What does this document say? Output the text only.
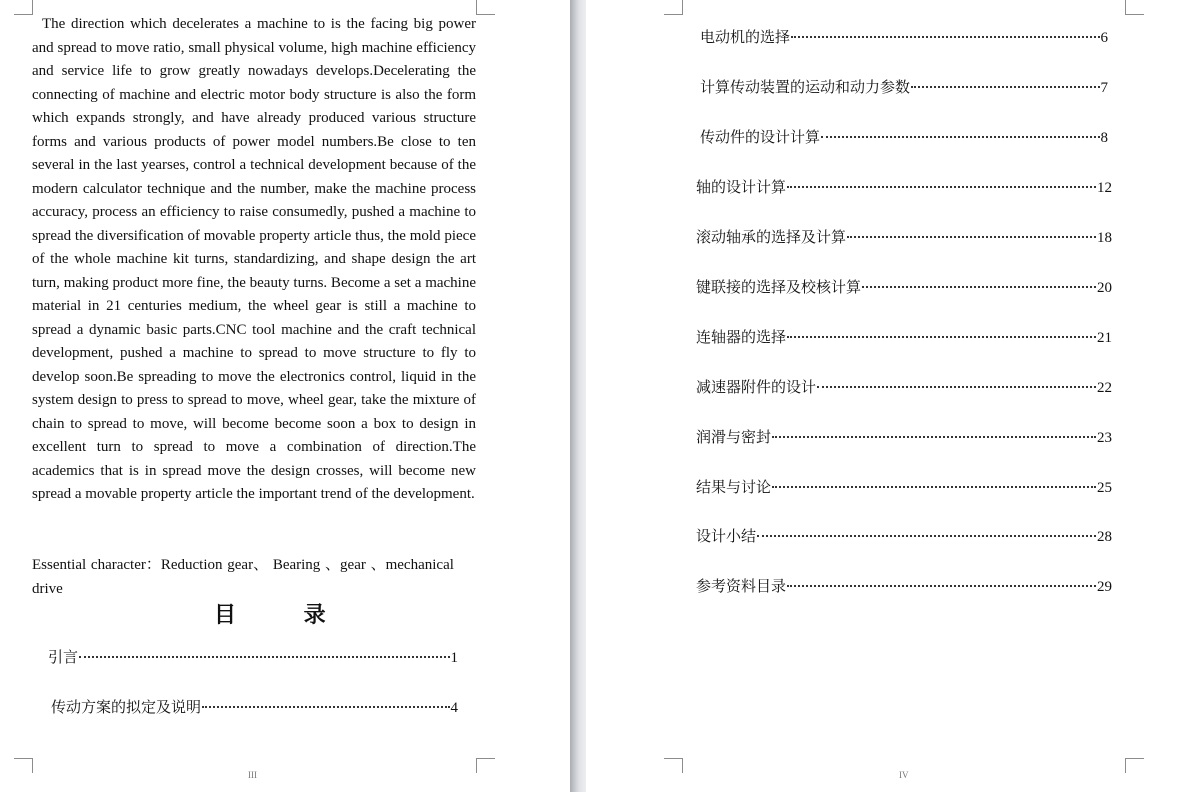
The direction which decelerates a machine to is the facing big power and spread to move ratio, small physical volume, high machine efficiency and service life to grow greatly nowadays develops.Decelerating the connecting of machine and electric motor body structure is also the form which expands strongly, and have already produced various structure forms and various products of power model numbers.Be close to ten several in the last yearses, control a technical development because of the modern calculator technique and the number, make the machine process accuracy, process an efficiency to raise consumedly, pushed a machine to spread the diversification of movable property article thus, the mold piece of the whole machine kit turns, standardizing, and shape design the art turn, making product more fine, the beauty turns. Become a set a machine material in 21 centuries medium, the wheel gear is still a machine to spread a dynamic basic parts.CNC tool machine and the craft technical development, pushed a machine to spread to move structure to fly to develop soon.Be spreading to move the electronics control, liquid in the system design to press to spread to move, wheel gear, take the mixture of chain to spread to move, will become become soon a box to design in excellent turn to spread to move a combination of direction.The academics that is in spread move the design crosses, will become new spread a movable property article the important trend of the development.

Essential character：Reduction gear、 Bearing 、gear 、mechanical drive

目 录
引言	1
传动方案的拟定及说明	4
III
电动机的选择	6
计算传动装置的运动和动力参数	7
传动件的设计计算	8
轴的设计计算	12
滚动轴承的选择及计算	18
键联接的选择及校核计算	20
连轴器的选择	21
减速器附件的设计	22
润滑与密封	23
结果与讨论	25
设计小结	28
参考资料目录	29
IV
